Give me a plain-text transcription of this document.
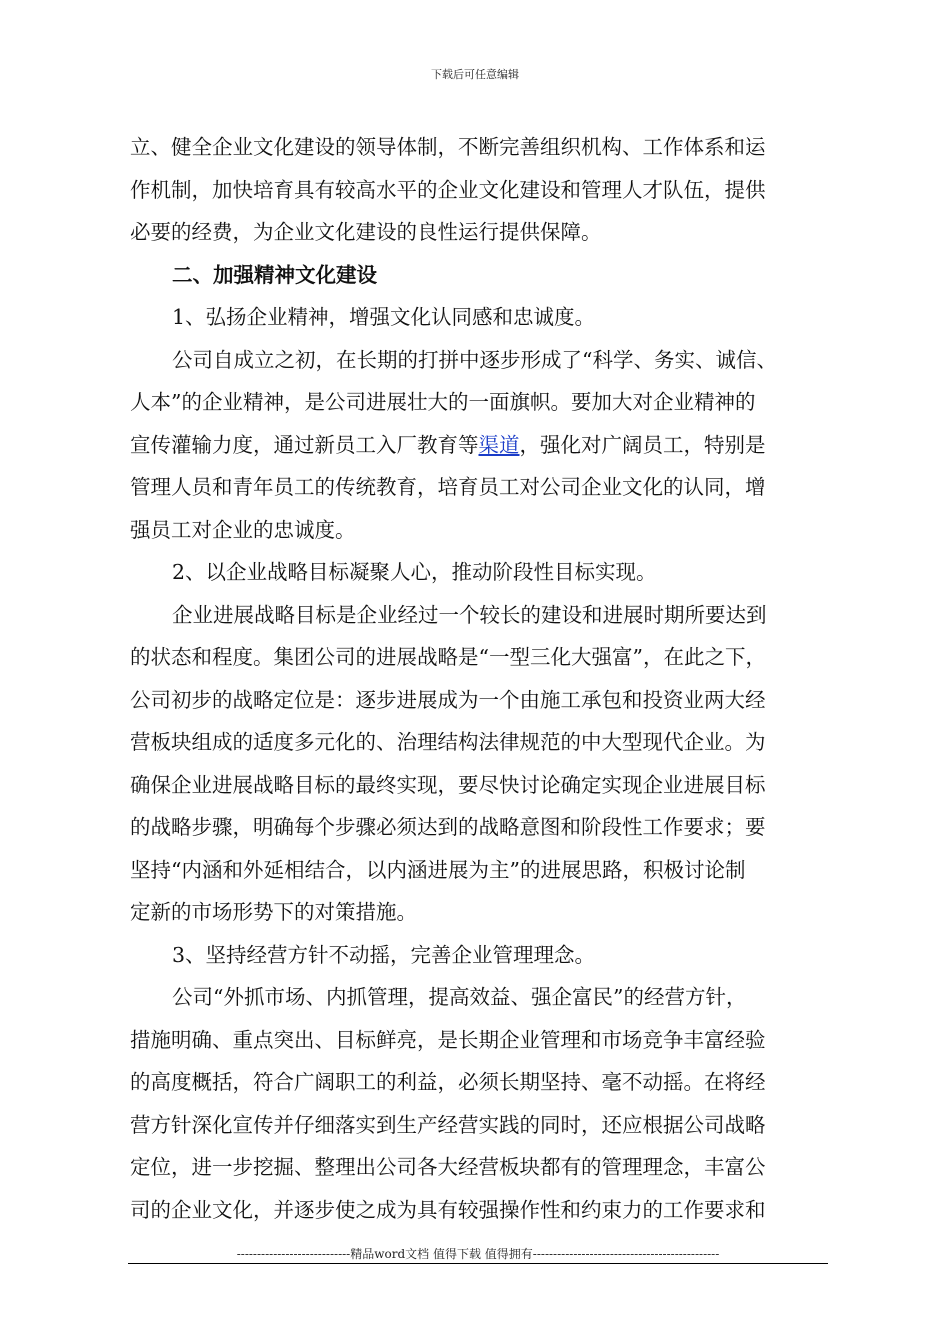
下载后可任意编辑
立、健全企业文化建设的领导体制，不断完善组织机构、工作体系和运
作机制，加快培育具有较高水平的企业文化建设和管理人才队伍，提供
必要的经费，为企业文化建设的良性运行提供保障。
二、加强精神文化建设
1、弘扬企业精神，增强文化认同感和忠诚度。
公司自成立之初，在长期的打拼中逐步形成了“科学、务实、诚信、
人本”的企业精神，是公司进展壮大的一面旗帜。要加大对企业精神的
宣传灌输力度，通过新员工入厂教育等渠道，强化对广阔员工，特别是
管理人员和青年员工的传统教育，培育员工对公司企业文化的认同，增
强员工对企业的忠诚度。
2、以企业战略目标凝聚人心，推动阶段性目标实现。
企业进展战略目标是企业经过一个较长的建设和进展时期所要达到
的状态和程度。集团公司的进展战略是“一型三化大强富”，在此之下，
公司初步的战略定位是：逐步进展成为一个由施工承包和投资业两大经
营板块组成的适度多元化的、治理结构法律规范的中大型现代企业。为
确保企业进展战略目标的最终实现，要尽快讨论确定实现企业进展目标
的战略步骤，明确每个步骤必须达到的战略意图和阶段性工作要求；要
坚持“内涵和外延相结合，以内涵进展为主”的进展思路，积极讨论制
定新的市场形势下的对策措施。
3、坚持经营方针不动摇，完善企业管理理念。
公司“外抓市场、内抓管理，提高效益、强企富民”的经营方针，
措施明确、重点突出、目标鲜亮，是长期企业管理和市场竞争丰富经验
的高度概括，符合广阔职工的利益，必须长期坚持、毫不动摇。在将经
营方针深化宣传并仔细落实到生产经营实践的同时，还应根据公司战略
定位，进一步挖掘、整理出公司各大经营板块都有的管理理念，丰富公
司的企业文化，并逐步使之成为具有较强操作性和约束力的工作要求和
----------------------------精品word文档 值得下载 值得拥有----------------------------------------------
